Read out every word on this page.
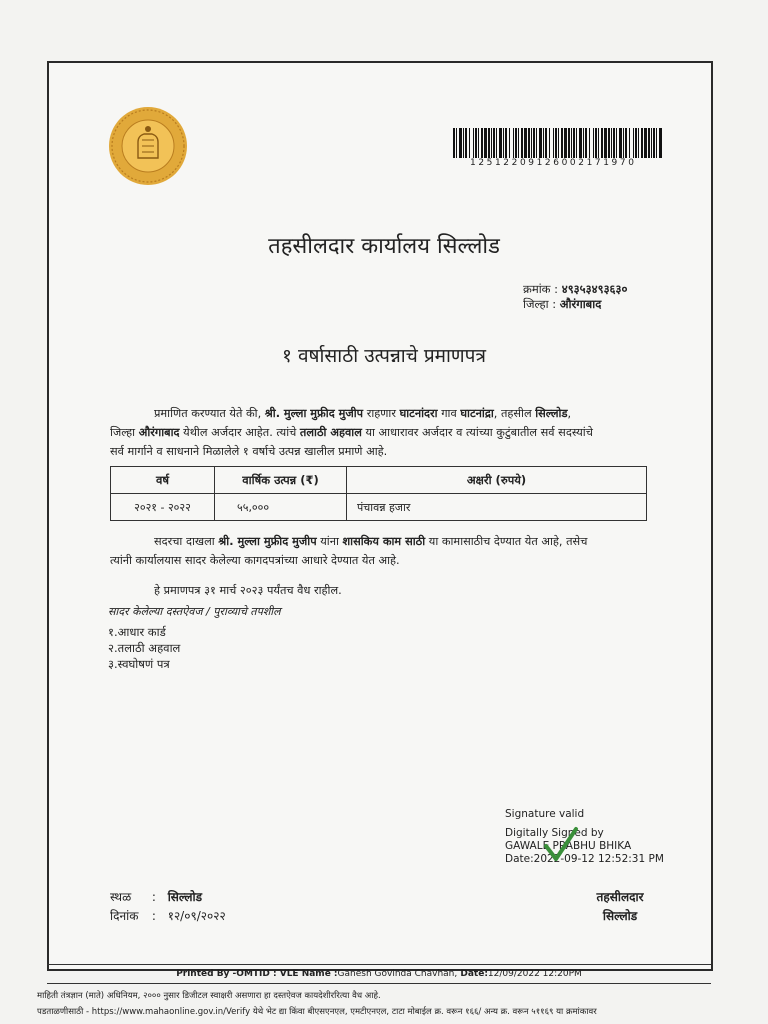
1251220912600217197​0
तहसीलदार कार्यालय सिल्लोड
क्रमांक : ४९३५३४९३६३०
जिल्हा : औरंगाबाद
१ वर्षासाठी उत्पन्नाचे प्रमाणपत्र
प्रमाणित करण्यात येते की, श्री. मुल्ला मुफ्रीद मुजीप राहणार घाटनांदरा गाव घाटनांद्रा, तहसील सिल्लोड,
जिल्हा औरंगाबाद येथील अर्जदार आहेत. त्यांचे तलाठी अहवाल या आधारावर अर्जदार व त्यांच्या कुटुंबातील सर्व सदस्यांचे
सर्व मार्गाने व साधनाने मिळालेले १ वर्षाचे उत्पन्न खालील प्रमाणे आहे.
वर्ष	वार्षिक उत्पन्न (₹)	अक्षरी (रुपये)
२०२१ - २०२२	५५,०००	पंचावन्न हजार
सदरचा दाखला श्री. मुल्ला मुफ्रीद मुजीप यांना शासकिय काम साठी या कामासाठीच देण्यात येत आहे, तसेच
त्यांनी कार्यालयास सादर केलेल्या कागदपत्रांच्या आधारे देण्यात येत आहे.
हे प्रमाणपत्र ३१ मार्च २०२३ पर्यंतच वैध राहील.
सादर केलेल्या दस्तऐवज / पुराव्याचे तपशील
१.आधार कार्ड
२.तलाठी अहवाल
३.स्वघोषणं पत्र
Signature valid
Digitally Signed by
GAWALE PRABHU BHIKA
Date:2022-09-12 12:52:31 PM
स्थळ : सिल्लोड
दिनांक : १२/०९/२०२२
तहसीलदार
सिल्लोड
Printed By -OMTID : VLE Name :Ganesh Govinda Chavhan, Date:12/09/2022 12:20PM
माहिती तंत्रज्ञान (माते) अधिनियम, २००० नुसार डिजीटल स्वाक्षरी असणारा हा दस्तऐवज कायदेशीररित्या वैध आहे.
पडताळणीसाठी - https://www.mahaonline.gov.in/Verify येथे भेट द्या किंवा बीएसएनएल, एमटीएनएल, टाटा मोबाईल क्र. वरून १६६/ अन्य क्र. वरून ५११६९ या क्रमांकावर
